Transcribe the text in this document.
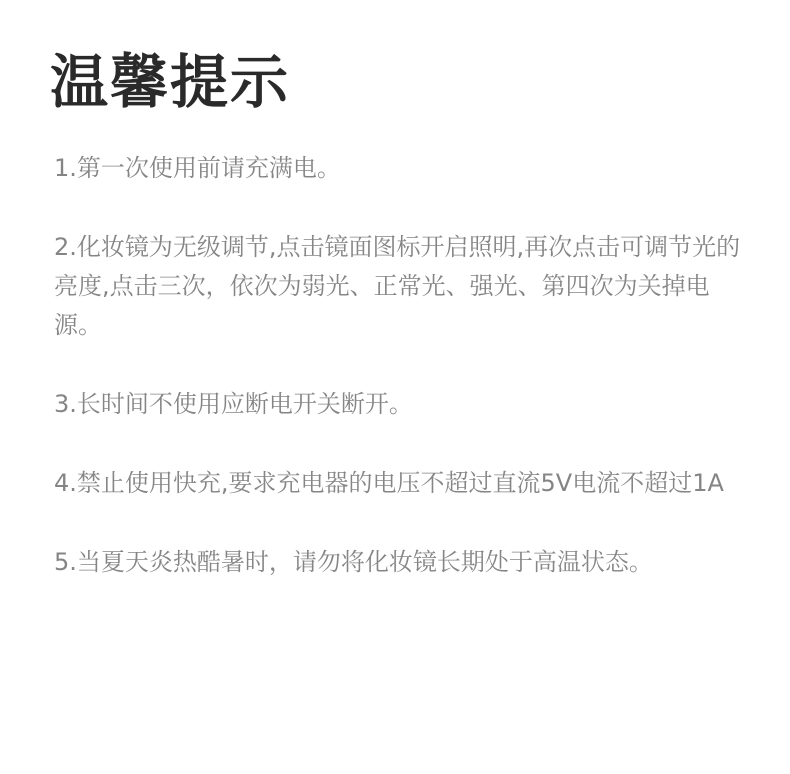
温馨提示
1.第一次使用前请充满电。
2.化妆镜为无级调节,点击镜面图标开启照明,再次点击可调节光的亮度,点击三次，依次为弱光、正常光、强光、第四次为关掉电源。
3.长时间不使用应断电开关断开。
4.禁止使用快充,要求充电器的电压不超过直流5V电流不超过1A
5.当夏天炎热酷暑时，请勿将化妆镜长期处于高温状态。
